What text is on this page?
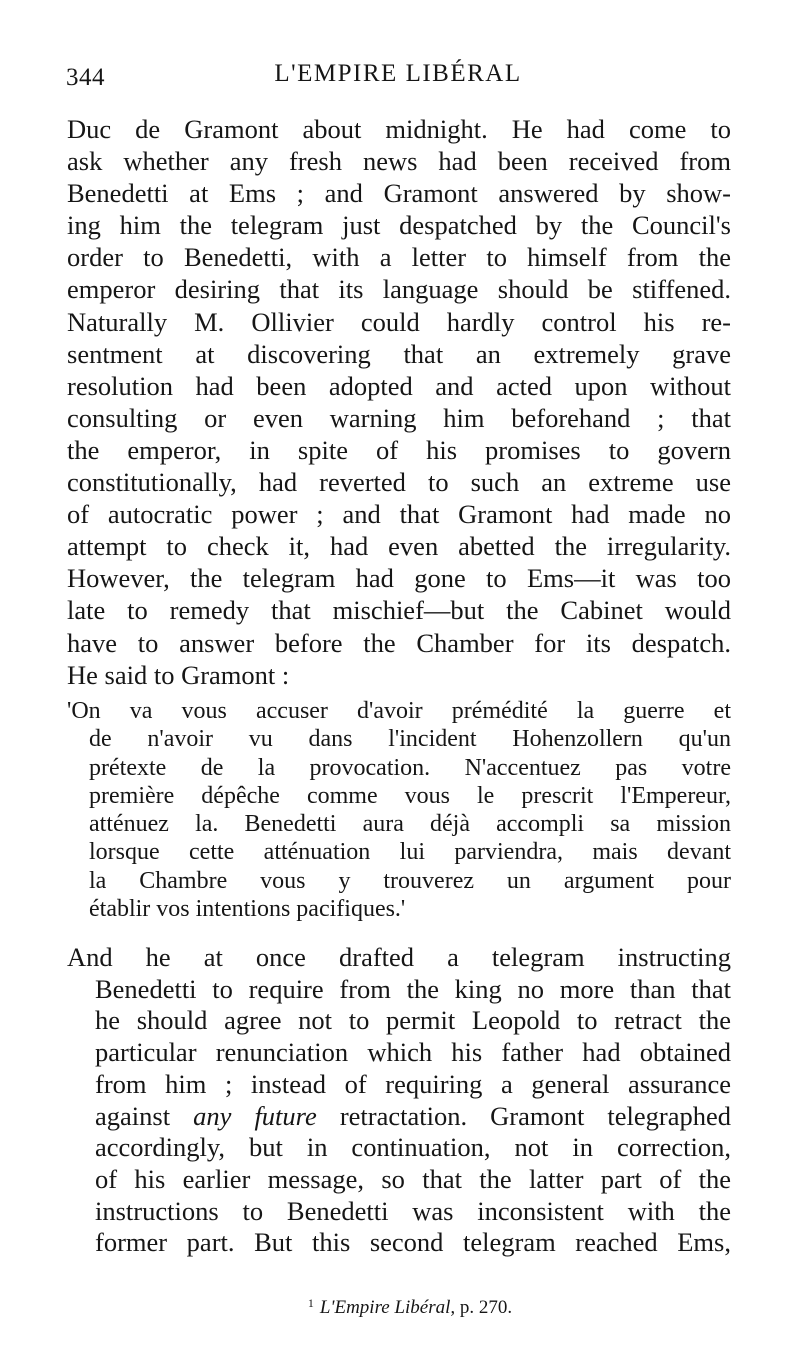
344	L'EMPIRE LIBÉRAL
Duc de Gramont about midnight. He had come to
ask whether any fresh news had been received from
Benedetti at Ems ; and Gramont answered by show-
ing him the telegram just despatched by the Council's
order to Benedetti, with a letter to himself from the
emperor desiring that its language should be stiffened.
Naturally M. Ollivier could hardly control his re-
sentment at discovering that an extremely grave
resolution had been adopted and acted upon without
consulting or even warning him beforehand ; that
the emperor, in spite of his promises to govern
constitutionally, had reverted to such an extreme use
of autocratic power ; and that Gramont had made no
attempt to check it, had even abetted the irregularity.
However, the telegram had gone to Ems—it was too
late to remedy that mischief—but the Cabinet would
have to answer before the Chamber for its despatch.
He said to Gramont :
'On va vous accuser d'avoir prémédité la guerre et
de n'avoir vu dans l'incident Hohenzollern qu'un
prétexte de la provocation. N'accentuez pas votre
première dépêche comme vous le prescrit l'Empereur,
atténuez la. Benedetti aura déjà accompli sa mission
lorsque cette atténuation lui parviendra, mais devant
la Chambre vous y trouverez un argument pour
établir vos intentions pacifiques.'
And he at once drafted a telegram instructing
Benedetti to require from the king no more than that
he should agree not to permit Leopold to retract the
particular renunciation which his father had obtained
from him ; instead of requiring a general assurance
against any future retractation. Gramont telegraphed
accordingly, but in continuation, not in correction,
of his earlier message, so that the latter part of the
instructions to Benedetti was inconsistent with the
former part. But this second telegram reached Ems,
$^1$ L'Empire Libéral, p. 270.
